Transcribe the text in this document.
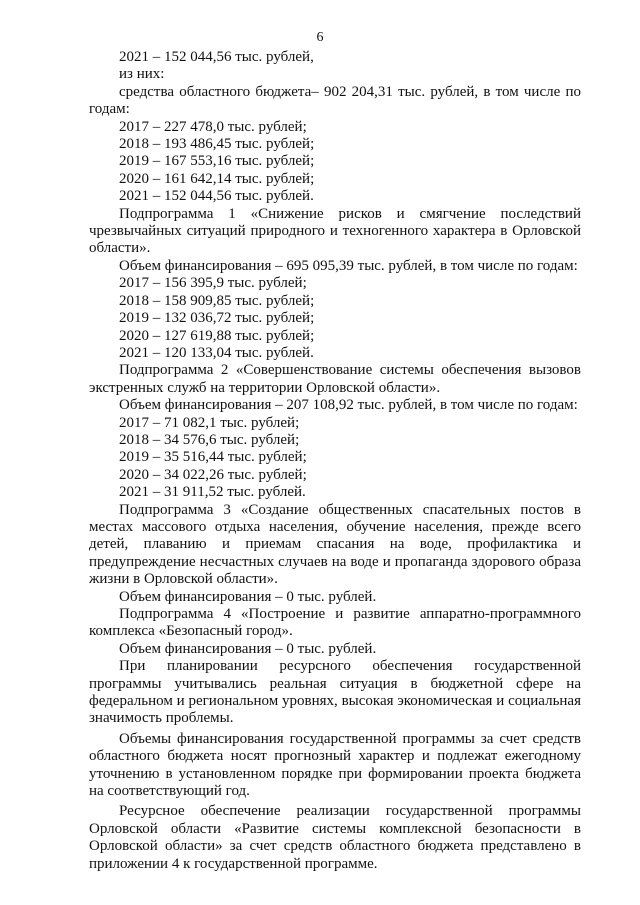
6

2021 – 152 044,56 тыс. рублей,

из них:

средства областного бюджета– 902 204,31 тыс. рублей, в том числе по годам:

2017 – 227 478,0 тыс. рублей;

2018 – 193 486,45 тыс. рублей;

2019 – 167 553,16 тыс. рублей;

2020 – 161 642,14 тыс. рублей;

2021 – 152 044,56 тыс. рублей.

Подпрограмма 1 «Снижение рисков и смягчение последствий чрезвычайных ситуаций природного и техногенного характера в Орловской области».

Объем финансирования – 695 095,39 тыс. рублей, в том числе по годам:

2017 – 156 395,9 тыс. рублей;

2018 – 158 909,85 тыс. рублей;

2019 – 132 036,72 тыс. рублей;

2020 – 127 619,88 тыс. рублей;

2021 – 120 133,04 тыс. рублей.

Подпрограмма 2 «Совершенствование системы обеспечения вызовов экстренных служб на территории Орловской области».

Объем финансирования – 207 108,92 тыс. рублей, в том числе по годам:

2017 – 71 082,1 тыс. рублей;

2018 – 34 576,6 тыс. рублей;

2019 – 35 516,44 тыс. рублей;

2020 – 34 022,26 тыс. рублей;

2021 – 31 911,52 тыс. рублей.

Подпрограмма 3 «Создание общественных спасательных постов в местах массового отдыха населения, обучение населения, прежде всего детей, плаванию и приемам спасания на воде, профилактика и предупреждение несчастных случаев на воде и пропаганда здорового образа жизни в Орловской области».

Объем финансирования – 0 тыс. рублей.

Подпрограмма 4 «Построение и развитие аппаратно-программного комплекса «Безопасный город».

Объем финансирования – 0 тыс. рублей.

При планировании ресурсного обеспечения государственной программы учитывались реальная ситуация в бюджетной сфере на федеральном и региональном уровнях, высокая экономическая и социальная значимость проблемы.

Объемы финансирования государственной программы за счет средств областного бюджета носят прогнозный характер и подлежат ежегодному уточнению в установленном порядке при формировании проекта бюджета на соответствующий год.

Ресурсное обеспечение реализации государственной программы Орловской области «Развитие системы комплексной безопасности в Орловской области» за счет средств областного бюджета представлено в приложении 4 к государственной программе.
